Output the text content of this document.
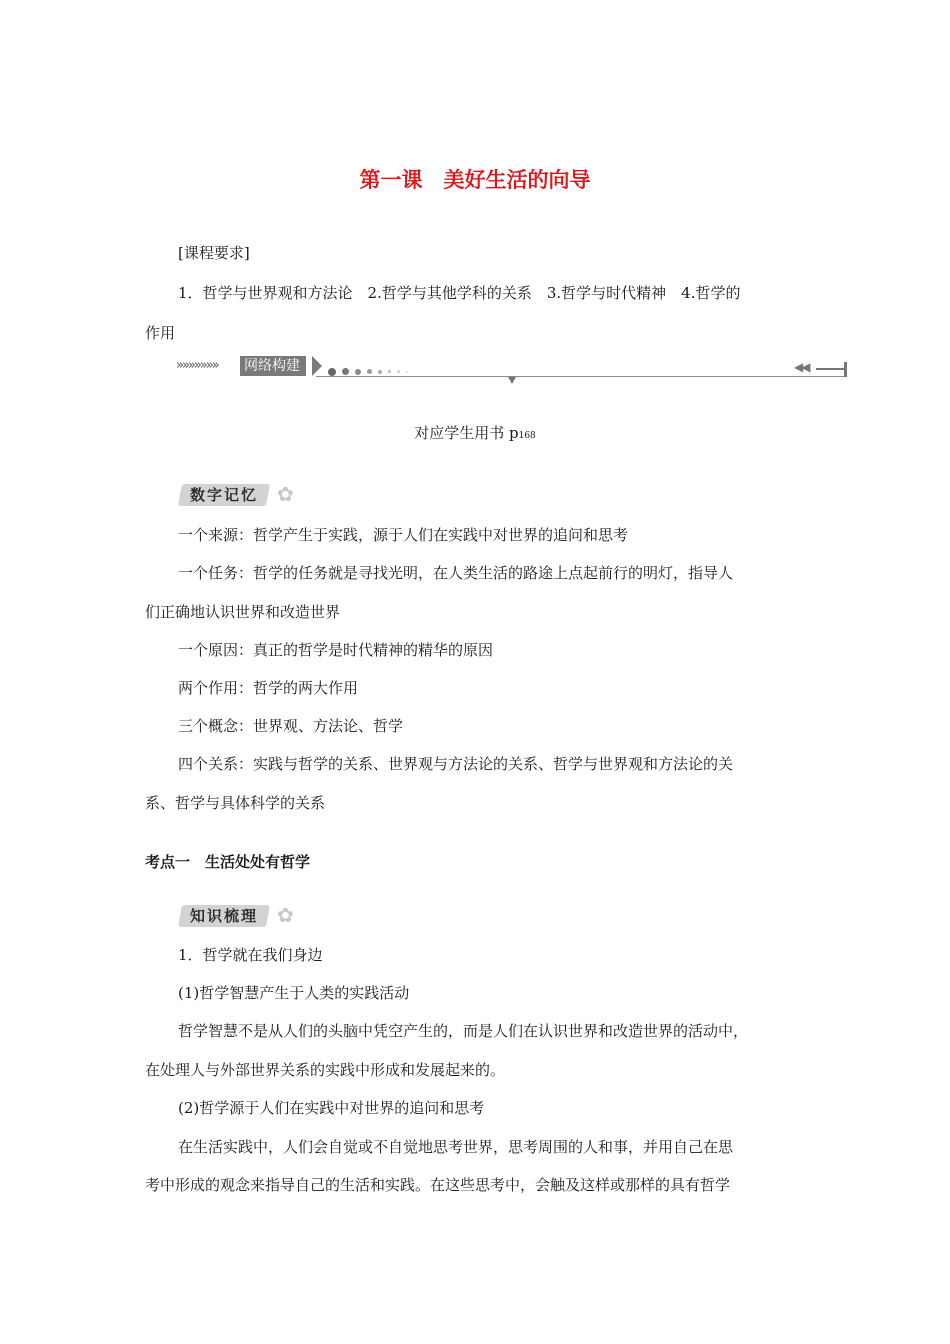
第一课　美好生活的向导
[课程要求]
1．哲学与世界观和方法论　2.哲学与其他学科的关系　3.哲学与时代精神　4.哲学的
作用
»»»»»»» 网络构建	◀◀
对应学生用书 p168
数字记忆 ✿
一个来源：哲学产生于实践，源于人们在实践中对世界的追问和思考
一个任务：哲学的任务就是寻找光明，在人类生活的路途上点起前行的明灯，指导人
们正确地认识世界和改造世界
一个原因：真正的哲学是时代精神的精华的原因
两个作用：哲学的两大作用
三个概念：世界观、方法论、哲学
四个关系：实践与哲学的关系、世界观与方法论的关系、哲学与世界观和方法论的关
系、哲学与具体科学的关系
考点一　生活处处有哲学
知识梳理 ✿
1．哲学就在我们身边
(1)哲学智慧产生于人类的实践活动
哲学智慧不是从人们的头脑中凭空产生的，而是人们在认识世界和改造世界的活动中，
在处理人与外部世界关系的实践中形成和发展起来的。
(2)哲学源于人们在实践中对世界的追问和思考
在生活实践中，人们会自觉或不自觉地思考世界，思考周围的人和事，并用自己在思
考中形成的观念来指导自己的生活和实践。在这些思考中，会触及这样或那样的具有哲学
